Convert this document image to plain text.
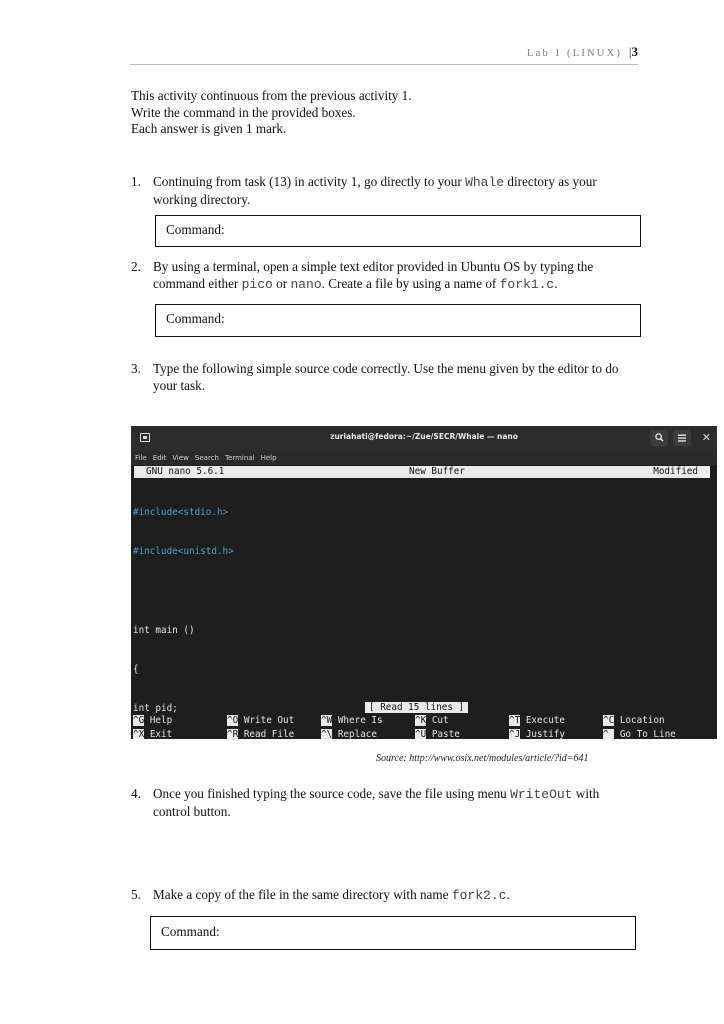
Lab 1 (LINUX) |3

This activity continuous from the previous activity 1.

Write the command in the provided boxes.

Each answer is given 1 mark.

1. Continuing from task (13) in activity 1, go directly to your Whale directory as your working directory.
Command:
2. By using a terminal, open a simple text editor provided in Ubuntu OS by typing the command either pico or nano. Create a file by using a name of fork1.c.
Command:
3. Type the following simple source code correctly. Use the menu given by the editor to do your task.
zuriahati@fedora:~/Zue/SECR/Whale — nano	✕
File Edit View Search Terminal Help
GNU nano 5.6.1	New Buffer	Modified

#include<stdio.h>

#include<unistd.h>

int main ()

{

int pid;

	[ Read 15 lines ]
^G Help	^O Write Out	^W Where Is	^K Cut	^T Execute	^C Location
^X Exit	^R Read File	^\ Replace	^U Paste	^J Justify	^_ Go To Line
Source: http://www.osix.net/modules/article/?id=641
4. Once you finished typing the source code, save the file using menu WriteOut with control button.
5. Make a copy of the file in the same directory with name fork2.c.
Command:
